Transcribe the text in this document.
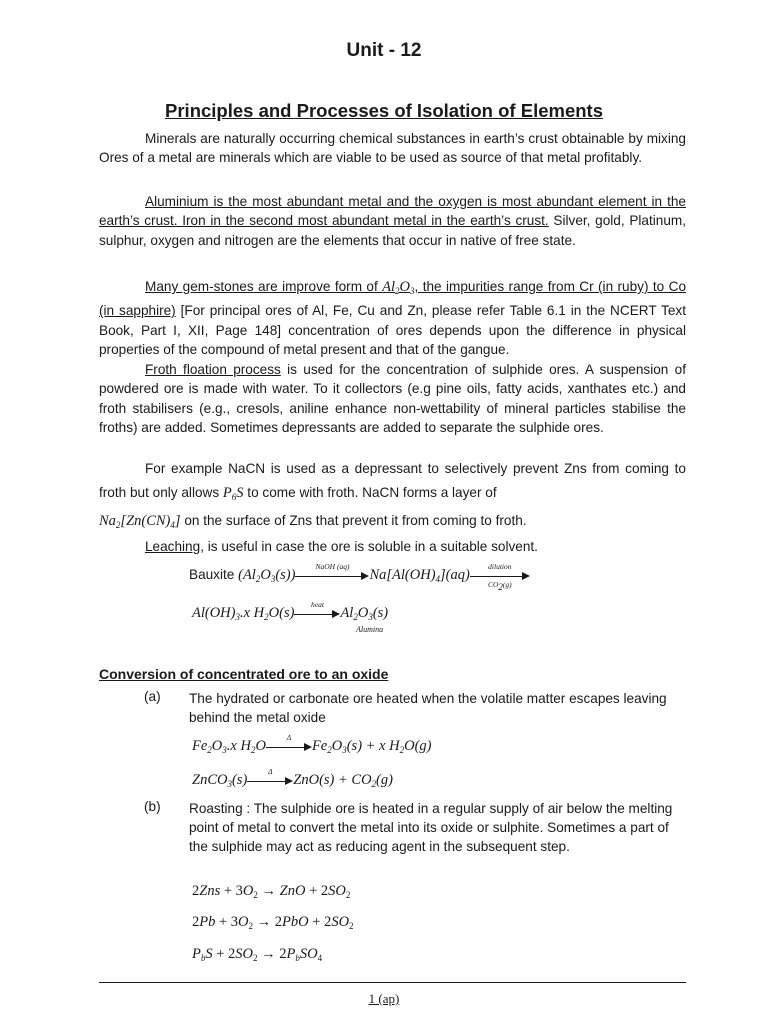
Unit - 12
Principles and Processes of Isolation of Elements
Minerals are naturally occurring chemical substances in earth’s crust obtainable by mixing Ores of a metal are minerals which are viable to be used as source of that metal profitably.
Aluminium is the most abundant metal and the oxygen is most abundant element in the earth’s crust. Iron in the second most abundant metal in the earth’s crust. Silver, gold, Platinum, sulphur, oxygen and nitrogen are the elements that occur in native of free state.
Many gem-stones are improve form of $Al_2O_3$, the impurities range from Cr (in ruby) to Co (in sapphire) [For principal ores of Al, Fe, Cu and Zn, please refer Table 6.1 in the NCERT Text Book, Part I, XII, Page 148] concentration of ores depends upon the difference in physical properties of the compound of metal present and that of the gangue.
Froth floation process is used for the concentration of sulphide ores. A suspension of powdered ore is made with water. To it collectors (e.g pine oils, fatty acids, xanthates etc.) and froth stabilisers (e.g., cresols, aniline enhance non-wettability of mineral particles stabilise the froths) are added. Sometimes depressants are added to separate the sulphide ores.
For example NaCN is used as a depressant to selectively prevent Zns from coming to froth but only allows $P_6S$ to come with froth. NaCN forms a layer of
$Na_2[Zn(CN)_4]$ on the surface of Zns that prevent it from coming to froth.
Leaching, is useful in case the ore is soluble in a suitable solvent.
Bauxite $(Al_2O_3(s))$
NaOH (aq)
$Na[Al(OH)_4](aq)$
dilution
$CO_2(g)$
$Al(OH)_3.x$ $H_2O(s)$
heat
$Al_2O_3(s)$
Alumina
Conversion of concentrated ore to an oxide
(a) The hydrated or carbonate ore heated when the volatile matter escapes leaving behind the metal oxide
$Fe_2O_3.x$ $H_2O$
Δ
$Fe_2O_3(s) + x$ $H_2O(g)$
ZnCO$_3$(s)
Δ
$ZnO(s) + CO_2(g)$
(b) Roasting : The sulphide ore is heated in a regular supply of air below the melting point of metal to convert the metal into its oxide or sulphite. Sometimes a part of the sulphide may act as reducing agent in the subsequent step.
$2Zns + 3O_2$ → ZnO + $2SO_2$
$2Pb + 3O_2 \to 2PbO + 2SO_2$
$P_bS + 2SO_2 \to 2P_bSO_4$
1 (ap)
